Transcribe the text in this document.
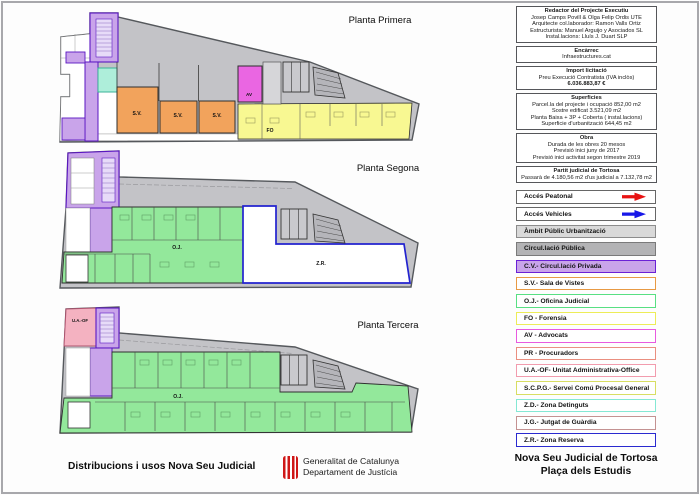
S.V.	S.V.	S.V.
AV
FO
Planta Primera
O.J.
Z.R.
Planta Segona
U.A.-OF
O.J.
Planta Tercera

Redactor del Projecte Executiu

Josep Camps Povill & Olga Felip Ordis UTE

Arquitecte col.laborador: Ramon Valls Ortiz

Estructurista: Manuel Arguijo y Asociados SL

Instal.lacions: Lluís J. Duart SLP

Encàrrec

Infraestructures.cat

Import licitació

Preu Execució Contratista (IVA inclòs)

6.036.883,87 €

Superficies

Parcel.la del projecte i ocupació 852,00 m2

Sostre edificat 3.521,09 m2

Planta Baixa + 3P + Coberta ( instal.lacions)

Superficie d'urbanització 644,45 m2

Obra

Durada de les obres 20 mesos

Previsió inici juny de 2017

Previsió inici activitat segon trimestre 2019

Partit judicial de Tortosa

Passarà de 4.180,56 m2 d'us judicial a 7.132,78 m2

Accés Peatonal
Accés Vehicles
Àmbit Públic Urbanització
Circul.lació Pública
C.V.- Circul.lació Privada
S.V.- Sala de Vistes
O.J.- Oficina Judicial
FO - Forensia
AV - Advocats
PR - Procuradors
U.A.-OF- Unitat Administrativa-Office
S.C.P.G.- Servei Comú Procesal General
Z.D.- Zona Detinguts
J.G.- Jutgat de Guàrdia
Z.R.- Zona Reserva
Nova Seu Judicial de Tortosa
Plaça dels Estudis
Distribucions i usos Nova Seu Judicial	Generalitat de Catalunya
Departament de Justícia
